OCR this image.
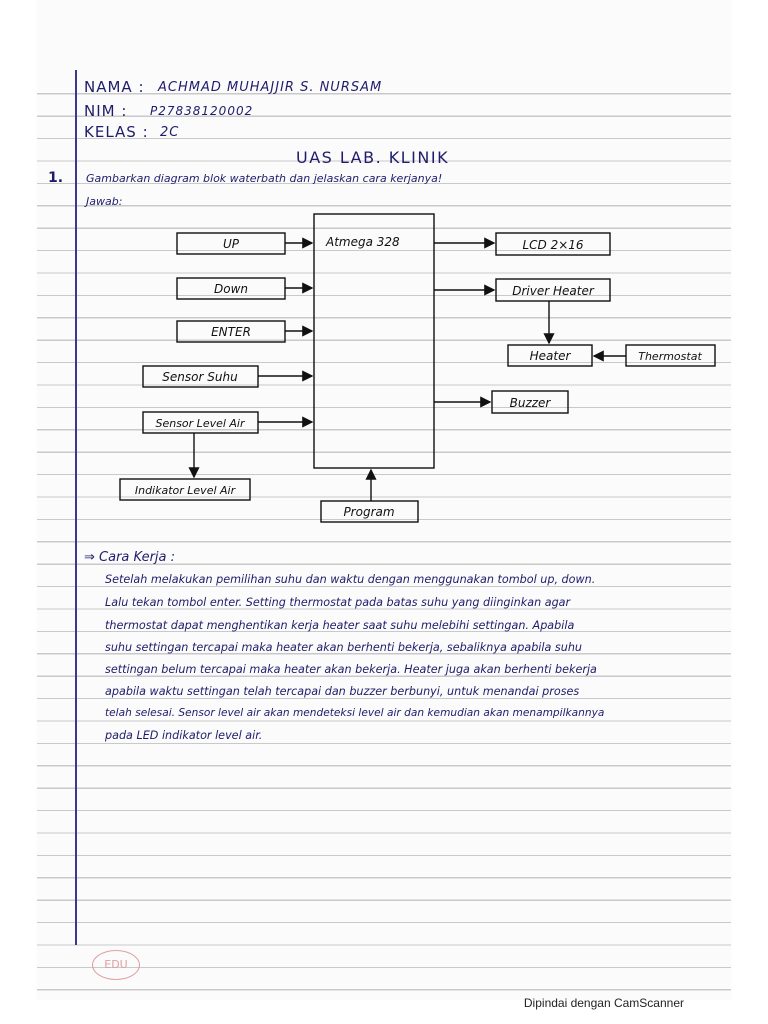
NAMA : ACHMAD MUHAJJIR S. NURSAM
NIM : P27838120002
KELAS : 2C
UAS LAB. KLINIK
1. Gambarkan diagram blok waterbath dan jelaskan cara kerjanya!
Jawab:
Atmega 328
UP
Down
ENTER
Sensor Suhu
Sensor Level Air
Indikator Level Air
Program
LCD 2×16
Driver Heater
Heater	Thermostat
Buzzer
⇒ Cara Kerja :
Setelah melakukan pemilihan suhu dan waktu dengan menggunakan tombol up, down.
Lalu tekan tombol enter. Setting thermostat pada batas suhu yang diinginkan agar
thermostat dapat menghentikan kerja heater saat suhu melebihi settingan. Apabila
suhu settingan tercapai maka heater akan berhenti bekerja, sebaliknya apabila suhu
settingan belum tercapai maka heater akan bekerja. Heater juga akan berhenti bekerja
apabila waktu settingan telah tercapai dan buzzer berbunyi, untuk menandai proses
telah selesai. Sensor level air akan mendeteksi level air dan kemudian akan menampilkannya
pada LED indikator level air.
EDU
Dipindai dengan CamScanner
